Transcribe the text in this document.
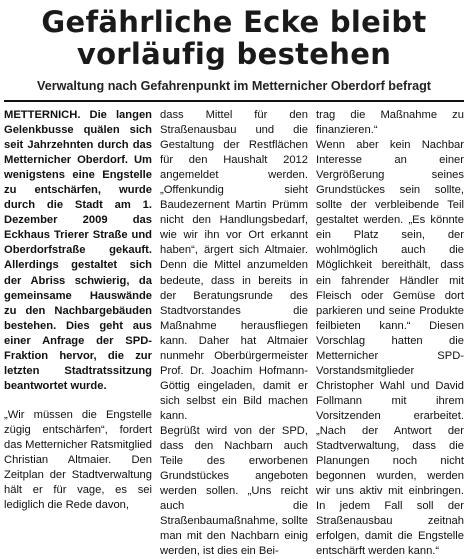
Gefährliche Ecke bleibt
vorläufig bestehen
Verwaltung nach Gefahrenpunkt im Metternicher Oberdorf befragt

METTERNICH. Die langen Gelenkbusse quälen sich seit Jahrzehnten durch das Metternicher Oberdorf. Um wenigstens eine Engstelle zu entschärfen, wurde durch die Stadt am 1. Dezember 2009 das Eckhaus Trierer Straße und Oberdorfstraße gekauft. Allerdings gestaltet sich der Abriss schwierig, da gemeinsame Hauswände zu den Nachbargebäuden bestehen. Dies geht aus einer Anfrage der SPD-Fraktion hervor, die zur letzten Stadtratssitzung beantwortet wurde.

„Wir müssen die Engstelle zügig entschärfen“, fordert das Metternicher Ratsmitglied Christian Altmaier. Den Zeitplan der Stadtverwaltung hält er für vage, es sei lediglich die Rede davon,

dass Mittel für den Straßenausbau und die Gestaltung der Restflächen für den Haushalt 2012 angemeldet werden. „Offenkundig sieht Baudezernent Martin Prümm nicht den Handlungsbedarf, wie wir ihn vor Ort erkannt haben“, ärgert sich Altmaier. Denn die Mittel anzumelden bedeute, dass in bereits in der Beratungsrunde des Stadtvorstandes die Maßnahme herausfliegen kann. Daher hat Altmaier nunmehr Oberbürgermeister Prof. Dr. Joachim Hofmann-Göttig eingeladen, damit er sich selbst ein Bild machen kann.

Begrüßt wird von der SPD, dass den Nachbarn auch Teile des erworbenen Grundstückes angeboten werden sollen. „Uns reicht auch die Straßenbaumaßnahme, sollte man mit den Nachbarn einig werden, ist dies ein Bei-

trag die Maßnahme zu finanzieren.“

Wenn aber kein Nachbar Interesse an einer Vergrößerung seines Grundstückes sein sollte, sollte der verbleibende Teil gestaltet werden. „Es könnte ein Platz sein, der wohlmöglich auch die Möglichkeit bereithält, dass ein fahrender Händler mit Fleisch oder Gemüse dort parkieren und seine Produkte feilbieten kann.“ Diesen Vorschlag hatten die Metternicher SPD-Vorstandsmitglieder Christopher Wahl und David Follmann mit ihrem Vorsitzenden erarbeitet. „Nach der Antwort der Stadtverwaltung, dass die Planungen noch nicht begonnen wurden, werden wir uns aktiv mit einbringen. In jedem Fall soll der Straßenausbau zeitnah erfolgen, damit die Engstelle entschärft werden kann.“
